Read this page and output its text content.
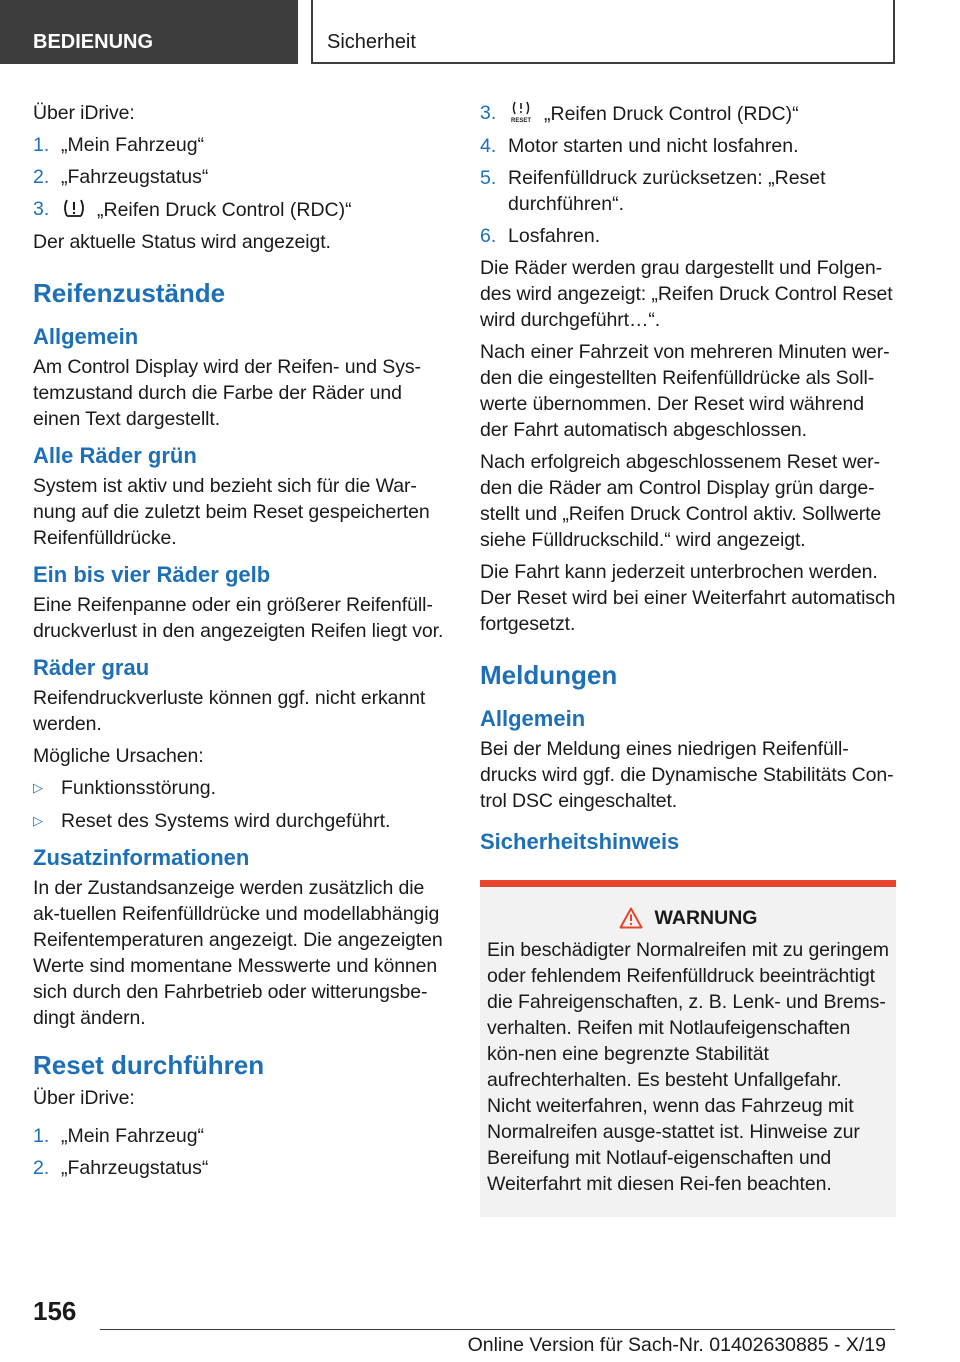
BEDIENUNG	Sicherheit

Über iDrive:

1. „Mein Fahrzeug“
2. „Fahrzeugstatus“
3.	„Reifen Druck Control (RDC)“

Der aktuelle Status wird angezeigt.

Reifenzustände
Allgemein

Am Control Display wird der Reifen- und Sys-temzustand durch die Farbe der Räder und einen Text dargestellt.

Alle Räder grün

System ist aktiv und bezieht sich für die War-nung auf die zuletzt beim Reset gespeicherten Reifenfülldrücke.

Ein bis vier Räder gelb

Eine Reifenpanne oder ein größerer Reifenfüll-druckverlust in den angezeigten Reifen liegt vor.

Räder grau

Reifendruckverluste können ggf. nicht erkannt werden.

Mögliche Ursachen:

▷ Funktionsstörung.
▷ Reset des Systems wird durchgeführt.
Zusatzinformationen

In der Zustandsanzeige werden zusätzlich die ak-tuellen Reifenfülldrücke und modellabhängig Reifentemperaturen angezeigt. Die angezeigten Werte sind momentane Messwerte und können sich durch den Fahrbetrieb oder witterungsbe-dingt ändern.

Reset durchführen

Über iDrive:

1. „Mein Fahrzeug“
2. „Fahrzeugstatus“
3.	RESET „Reifen Druck Control (RDC)“
4. Motor starten und nicht losfahren.
5. Reifenfülldruck zurücksetzen: „Reset durchführen“.
6. Losfahren.

Die Räder werden grau dargestellt und Folgen-des wird angezeigt: „Reifen Druck Control Reset wird durchgeführt…“.

Nach einer Fahrzeit von mehreren Minuten wer-den die eingestellten Reifenfülldrücke als Soll-werte übernommen. Der Reset wird während der Fahrt automatisch abgeschlossen.

Nach erfolgreich abgeschlossenem Reset wer-den die Räder am Control Display grün darge-stellt und „Reifen Druck Control aktiv. Sollwerte siehe Fülldruckschild.“ wird angezeigt.

Die Fahrt kann jederzeit unterbrochen werden. Der Reset wird bei einer Weiterfahrt automatisch fortgesetzt.

Meldungen
Allgemein

Bei der Meldung eines niedrigen Reifenfüll-drucks wird ggf. die Dynamische Stabilitäts Con-trol DSC eingeschaltet.

Sicherheitshinweis
WARNUNG

Ein beschädigter Normalreifen mit zu geringem oder fehlendem Reifenfülldruck beeinträchtigt die Fahreigenschaften, z. B. Lenk- und Brems-verhalten. Reifen mit Notlaufeigenschaften kön-nen eine begrenzte Stabilität aufrechterhalten. Es besteht Unfallgefahr. Nicht weiterfahren, wenn das Fahrzeug mit Normalreifen ausge-stattet ist. Hinweise zur Bereifung mit Notlauf-eigenschaften und Weiterfahrt mit diesen Rei-fen beachten.

156
Online Version für Sach-Nr. 01402630885 - X/19
